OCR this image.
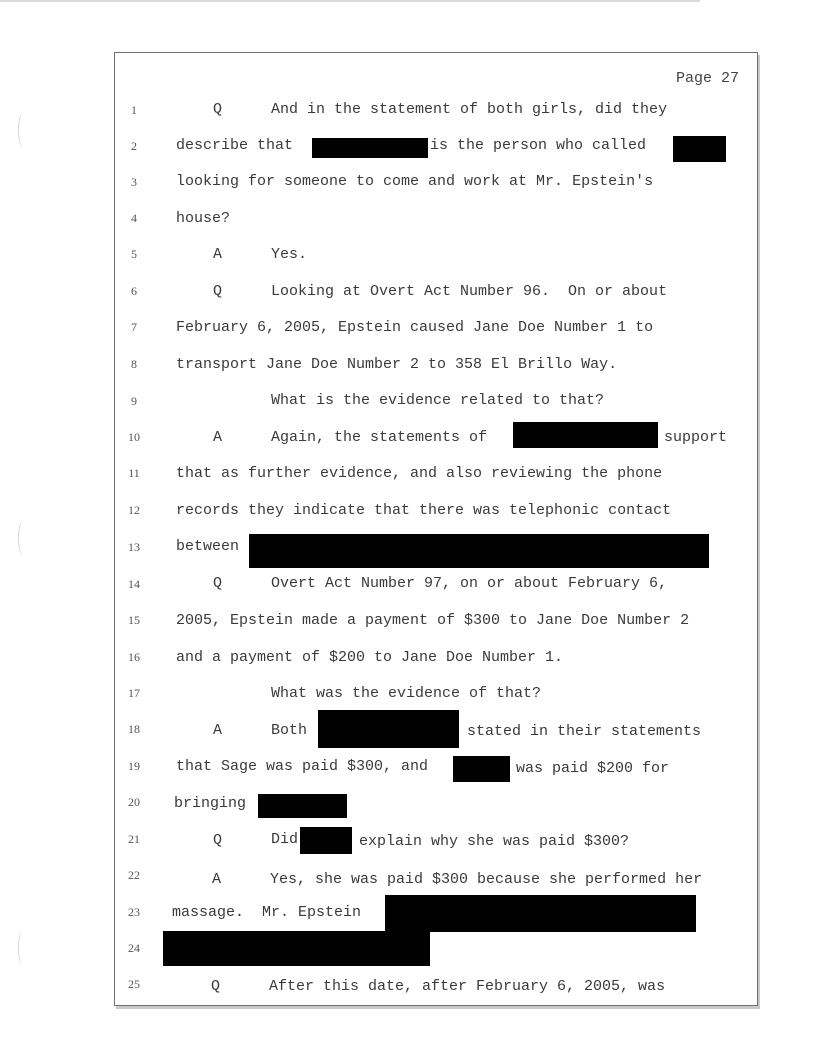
Page 27
1
2
3
4
5
6
7
8
9
10
11
12
13
14
15
16
17
18
19
20
21
22
23
24
25
Q	And in the statement of both girls, did they
describe that	is the person who called
looking for someone to come and work at Mr. Epstein's
house?
A	Yes.
Q	Looking at Overt Act Number 96.  On or about
February 6, 2005, Epstein caused Jane Doe Number 1 to
transport Jane Doe Number 2 to 358 El Brillo Way.
What is the evidence related to that?
A	Again, the statements of	support
that as further evidence, and also reviewing the phone
records they indicate that there was telephonic contact
between
Q	Overt Act Number 97, on or about February 6,
2005, Epstein made a payment of $300 to Jane Doe Number 2
and a payment of $200 to Jane Doe Number 1.
What was the evidence of that?
A	Both	stated in their statements
that Sage was paid $300, and	was paid $200 for
bringing
Q	Did	explain why she was paid $300?
A	Yes, she was paid $300 because she performed her
massage.  Mr. Epstein
Q	After this date, after February 6, 2005, was
